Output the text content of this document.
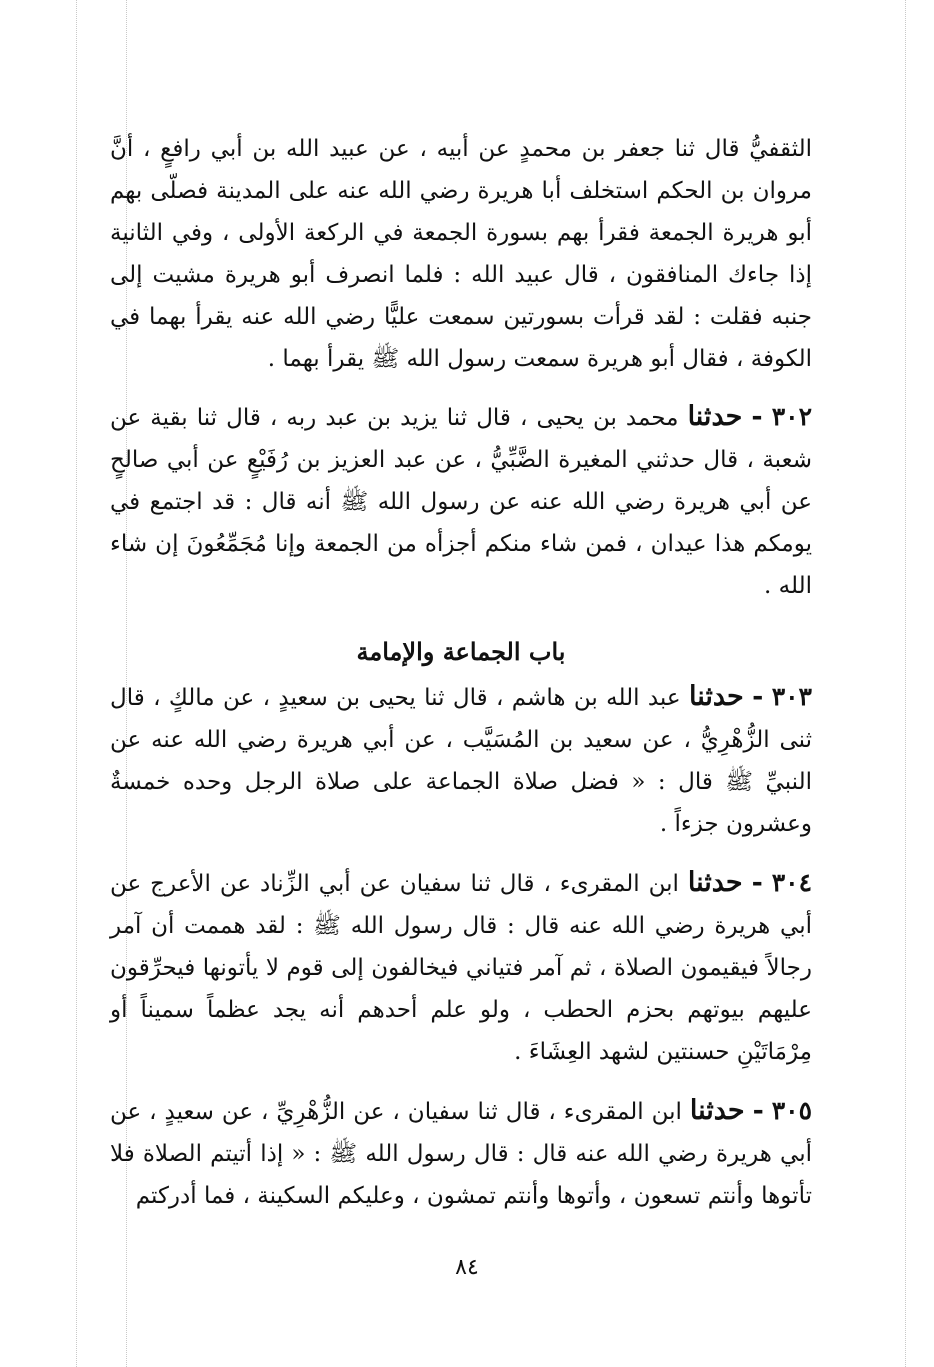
الثقفيُّ قال ثنا جعفر بن محمدٍ عن أبيه ، عن عبيد الله بن أبي رافعٍ ، أنَّ مروان بن الحكم استخلف أبا هريرة رضي الله عنه على المدينة فصلّى بهم أبو هريرة الجمعة فقرأ بهم بسورة الجمعة في الركعة الأولى ، وفي الثانية إذا جاءك المنافقون ، قال عبيد الله : فلما انصرف أبو هريرة مشيت إلى جنبه فقلت : لقد قرأت بسورتين سمعت عليًّا رضي الله عنه يقرأ بهما في الكوفة ، فقال أبو هريرة سمعت رسول الله ﷺ يقرأ بهما .

٣٠٢ - حدثنا محمد بن يحيى ، قال ثنا يزيد بن عبد ربه ، قال ثنا بقية عن شعبة ، قال حدثني المغيرة الضَّبِّيُّ ، عن عبد العزيز بن رُفَيْعٍ عن أبي صالحٍ عن أبي هريرة رضي الله عنه عن رسول الله ﷺ أنه قال : قد اجتمع في يومكم هذا عيدان ، فمن شاء منكم أجزأه من الجمعة وإنا مُجَمِّعُونَ إن شاء الله .

باب الجماعة والإمامة

٣٠٣ - حدثنا عبد الله بن هاشم ، قال ثنا يحيى بن سعيدٍ ، عن مالكٍ ، قال ثنى الزُّهْرِيُّ ، عن سعيد بن المُسَيَّب ، عن أبي هريرة رضي الله عنه عن النبيِّ ﷺ قال : « فضل صلاة الجماعة على صلاة الرجل وحده خمسةٌ وعشرون جزءاً .

٣٠٤ - حدثنا ابن المقرىء ، قال ثنا سفيان عن أبي الزِّناد عن الأعرج عن أبي هريرة رضي الله عنه قال : قال رسول الله ﷺ : لقد هممت أن آمر رجالاً فيقيمون الصلاة ، ثم آمر فتياني فيخالفون إلى قوم لا يأتونها فيحرِّقون عليهم بيوتهم بحزم الحطب ، ولو علم أحدهم أنه يجد عظماً سميناً أو مِرْمَاتَيْنِ حسنتين لشهد العِشَاءَ .

٣٠٥ - حدثنا ابن المقرىء ، قال ثنا سفيان ، عن الزُّهْرِيِّ ، عن سعيدٍ ، عن أبي هريرة رضي الله عنه قال : قال رسول الله ﷺ : « إذا أتيتم الصلاة فلا تأتوها وأنتم تسعون ، وأتوها وأنتم تمشون ، وعليكم السكينة ، فما أدركتم

٨٤
